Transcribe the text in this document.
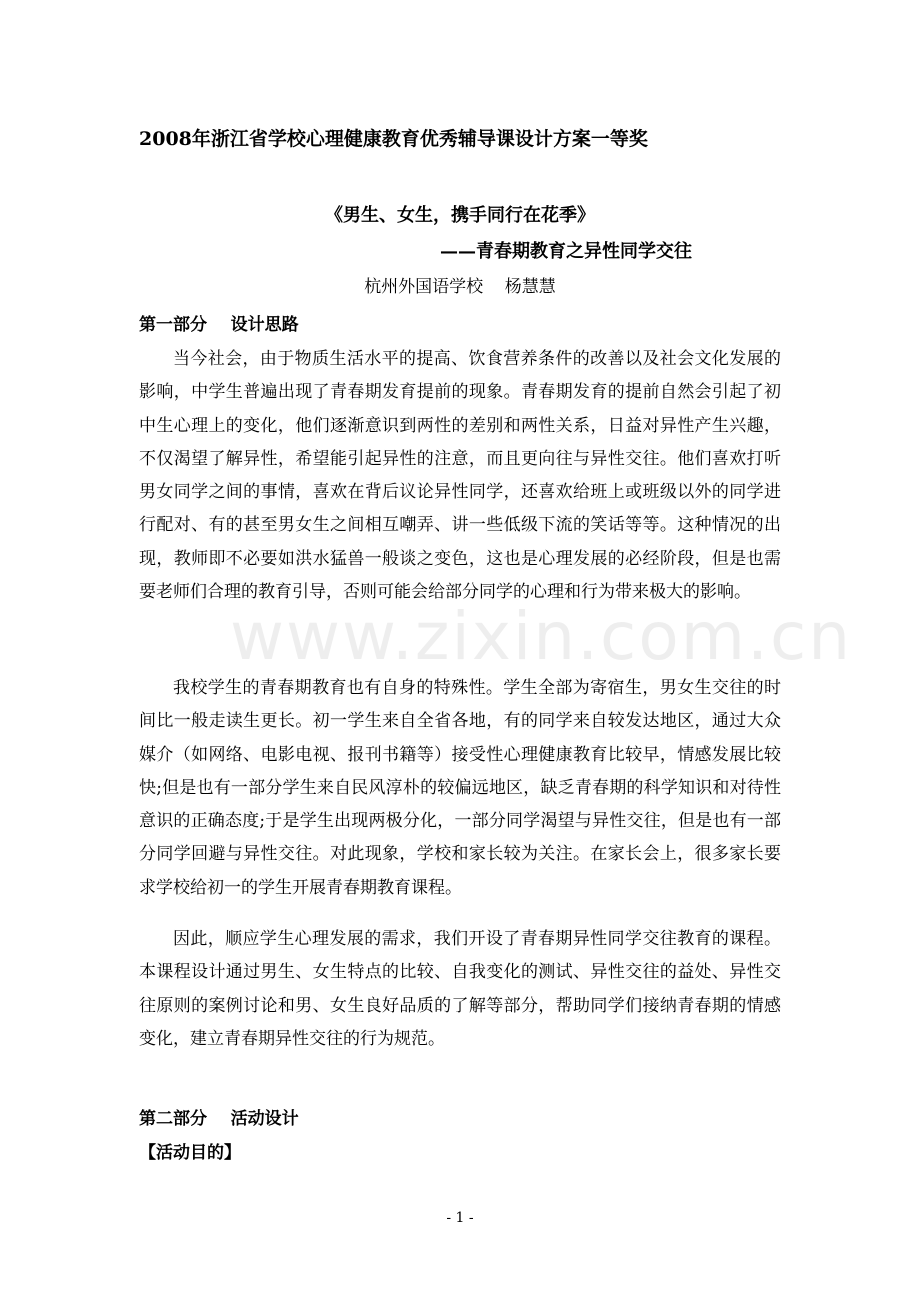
www.zixin.com.cn
2008年浙江省学校心理健康教育优秀辅导课设计方案一等奖
《男生、女生，携手同行在花季》
——青春期教育之异性同学交往
杭州外国语学校    杨慧慧
第一部分    设计思路

当今社会，由于物质生活水平的提高、饮食营养条件的改善以及社会文化发展的影响，中学生普遍出现了青春期发育提前的现象。青春期发育的提前自然会引起了初中生心理上的变化，他们逐渐意识到两性的差别和两性关系，日益对异性产生兴趣，不仅渴望了解异性，希望能引起异性的注意，而且更向往与异性交往。他们喜欢打听男女同学之间的事情，喜欢在背后议论异性同学，还喜欢给班上或班级以外的同学进行配对、有的甚至男女生之间相互嘲弄、讲一些低级下流的笑话等等。这种情况的出现，教师即不必要如洪水猛兽一般谈之变色，这也是心理发展的必经阶段，但是也需要老师们合理的教育引导，否则可能会给部分同学的心理和行为带来极大的影响。

我校学生的青春期教育也有自身的特殊性。学生全部为寄宿生，男女生交往的时间比一般走读生更长。初一学生来自全省各地，有的同学来自较发达地区，通过大众媒介（如网络、电影电视、报刊书籍等）接受性心理健康教育比较早，情感发展比较快;但是也有一部分学生来自民风淳朴的较偏远地区，缺乏青春期的科学知识和对待性意识的正确态度;于是学生出现两极分化，一部分同学渴望与异性交往，但是也有一部分同学回避与异性交往。对此现象，学校和家长较为关注。在家长会上，很多家长要求学校给初一的学生开展青春期教育课程。

因此，顺应学生心理发展的需求，我们开设了青春期异性同学交往教育的课程。本课程设计通过男生、女生特点的比较、自我变化的测试、异性交往的益处、异性交往原则的案例讨论和男、女生良好品质的了解等部分，帮助同学们接纳青春期的情感变化，建立青春期异性交往的行为规范。

第二部分    活动设计
【活动目的】
- 1 -
